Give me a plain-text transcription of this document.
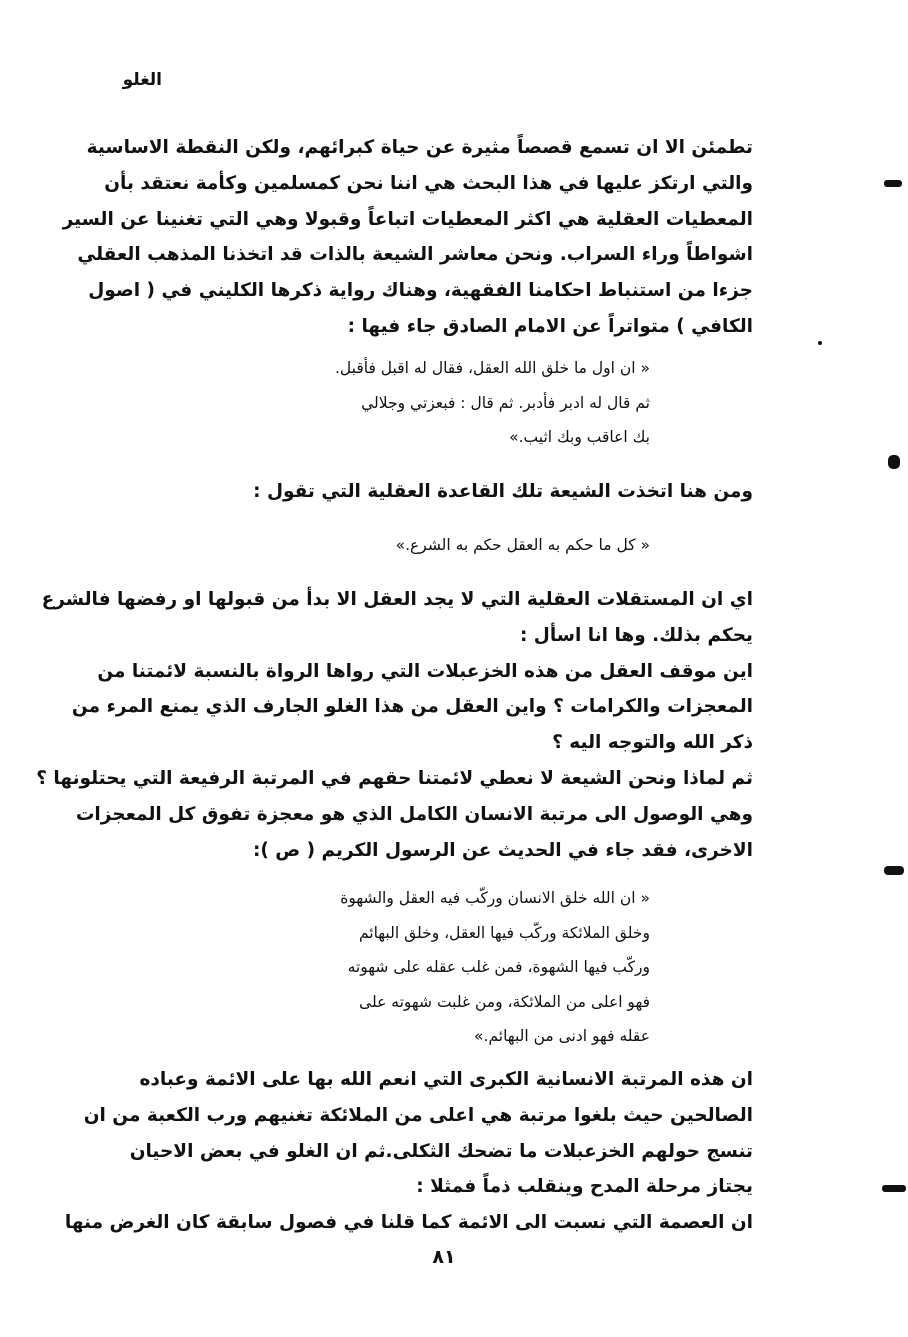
الغلو
تطمئن الا ان تسمع قصصاً مثيرة عن حياة كبرائهم، ولكن النقطة الاساسية
والتي ارتكز عليها في هذا البحث هي اننا نحن كمسلمين وكأمة نعتقد بأن
المعطيات العقلية هي اكثر المعطيات اتباعاً وقبولا وهي التي تغنينا عن السير
اشواطاً وراء السراب. ونحن معاشر الشيعة بالذات قد اتخذنا المذهب العقلي
جزءا من استنباط احكامنا الفقهية، وهناك رواية ذكرها الكليني في ( اصول
الكافي ) متواتراً عن الامام الصادق جاء فيها :
« ان اول ما خلق الله العقل، فقال له اقبل فأقبل.
ثم قال له ادبر فأدبر. ثم قال : فبعزتي وجلالي
بك اعاقب وبك اثيب.»
ومن هنا اتخذت الشيعة تلك القاعدة العقلية التي تقول :
« كل ما حكم به العقل حكم به الشرع.»
اي ان المستقلات العقلية التي لا يجد العقل الا بدأ من قبولها او رفضها فالشرع
يحكم بذلك. وها انا اسأل :
اين موقف العقل من هذه الخزعبلات التي رواها الرواة بالنسبة لائمتنا من
المعجزات والكرامات ؟ واين العقل من هذا الغلو الجارف الذي يمنع المرء من
ذكر الله والتوجه اليه ؟
ثم لماذا ونحن الشيعة لا نعطي لائمتنا حقهم في المرتبة الرفيعة التي يحتلونها ؟
وهي الوصول الى مرتبة الانسان الكامل الذي هو معجزة تفوق كل المعجزات
الاخرى، فقد جاء في الحديث عن الرسول الكريم ( ص ):
« ان الله خلق الانسان وركّب فيه العقل والشهوة
وخلق الملائكة وركّب فيها العقل، وخلق البهائم
وركّب فيها الشهوة، فمن غلب عقله على شهوته
فهو اعلى من الملائكة، ومن غلبت شهوته على
عقله فهو ادنى من البهائم.»
ان هذه المرتبة الانسانية الكبرى التي انعم الله بها على الائمة وعباده
الصالحين حيث بلغوا مرتبة هي اعلى من الملائكة تغنيهم ورب الكعبة من ان
تنسج حولهم الخزعبلات ما تضحك الثكلى.ثم ان الغلو في بعض الاحيان
يجتاز مرحلة المدح وينقلب ذماً فمثلا :
ان العصمة التي نسبت الى الائمة كما قلنا في فصول سابقة كان الغرض منها
٨١
